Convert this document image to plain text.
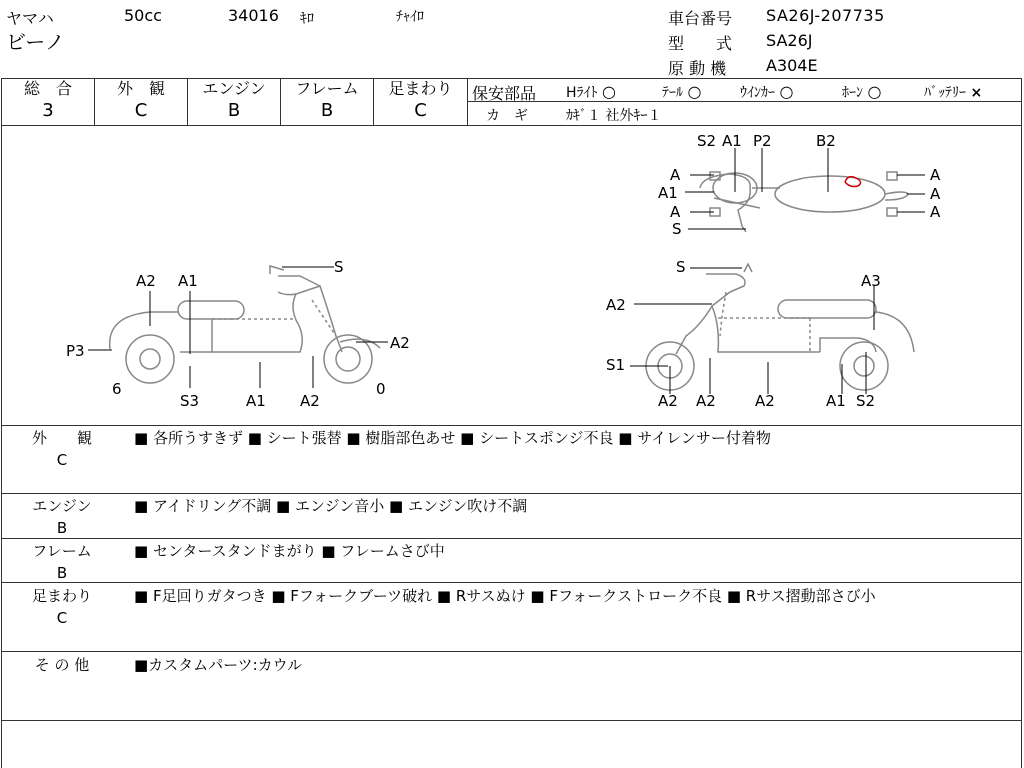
ヤマハ
ビーノ
50cc	34016 ｷﾛ	ﾁｬｲﾛ	車台番号 SA26J-207735
型　　式 SA26J
原 動 機 A304E
総　合
3
外　観
C
エンジン
B
フレーム
B
足まわり
C
保安部品 Hﾗｲﾄ ○	ﾃｰﾙ ○	ｳｲﾝｶｰ ○	ﾎｰﾝ ○	ﾊﾞｯﾃﾘｰ ×
カ　ギ	ｶｷﾞ１ 社外ｷｰ１
S2 A1 P2	B2
A
A
A
A
A
A1
S
A2 A1
S
P3	A2
6
S3	A1 A2
0
S
A2
A3
S1
A2 A2	A2	A1 S2
外　　観
C
■ 各所うすきず ■ シート張替 ■ 樹脂部色あせ ■ シートスポンジ不良 ■ サイレンサー付着物
エンジン
B
■ アイドリング不調 ■ エンジン音小 ■ エンジン吹け不調
フレーム
B
■ センタースタンドまがり ■ フレームさび中
足まわり
C
■ F足回りガタつき ■ Fフォークブーツ破れ ■ Rサスぬけ ■ Fフォークストローク不良 ■ Rサス摺動部さび小
そ の 他	■カスタムパーツ:カウル
